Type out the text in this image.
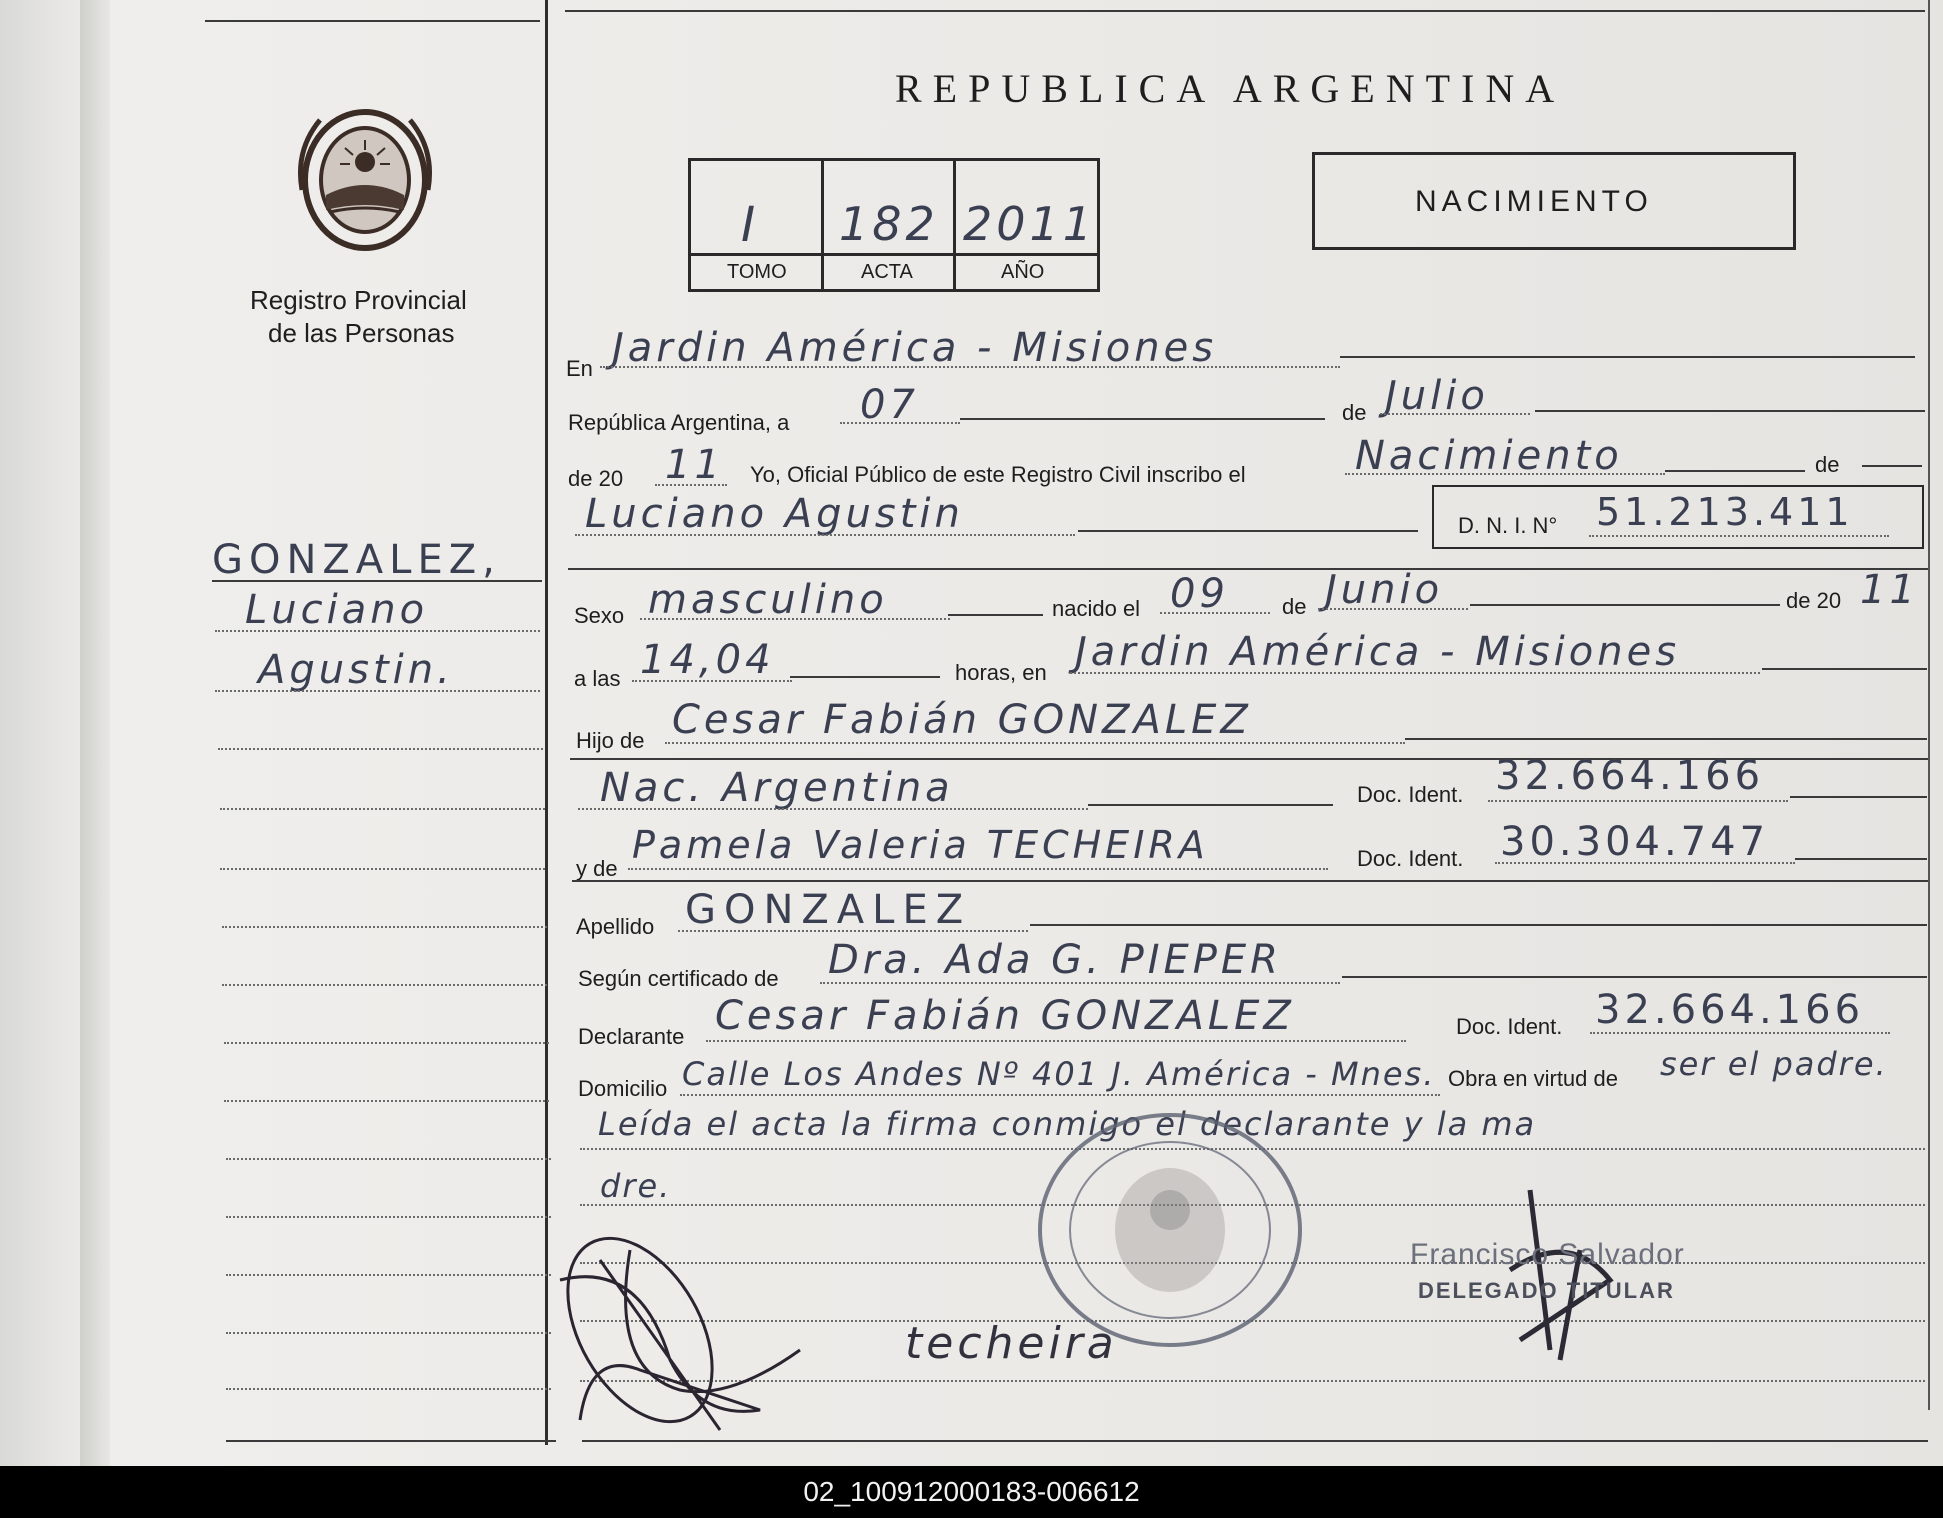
Registro Provincial
de las Personas
REPUBLICA ARGENTINA
I 182 2011
TOMO	ACTA	AÑO
NACIMIENTO
GONZALEZ,
Luciano
Agustin.
En Jardin América - Misiones
República Argentina, a 07	de Julio
de 20 11 Yo, Oficial Público de este Registro Civil inscribo el	Nacimiento	de
Luciano Agustin	D. N. I. N° 51.213.411
Sexo masculino	nacido el 09 de Junio	de 20 11
a las 14,04	horas, en Jardin América - Misiones
Hijo de Cesar Fabián GONZALEZ
Nac. Argentina	Doc. Ident. 32.664.166
y de
Pamela Valeria TECHEIRA	Doc. Ident. 30.304.747
Apellido GONZALEZ
Según certificado de Dra. Ada G. PIEPER
Declarante Cesar Fabián GONZALEZ	Doc. Ident. 32.664.166
Domicilio Calle Los Andes Nº 401 J. América - Mnes. Obra en virtud de ser el padre.
Leída el acta la firma conmigo el declarante y la ma
dre.
Francisco Salvador
DELEGADO TITULAR
techeira
02_100912000183-006612
